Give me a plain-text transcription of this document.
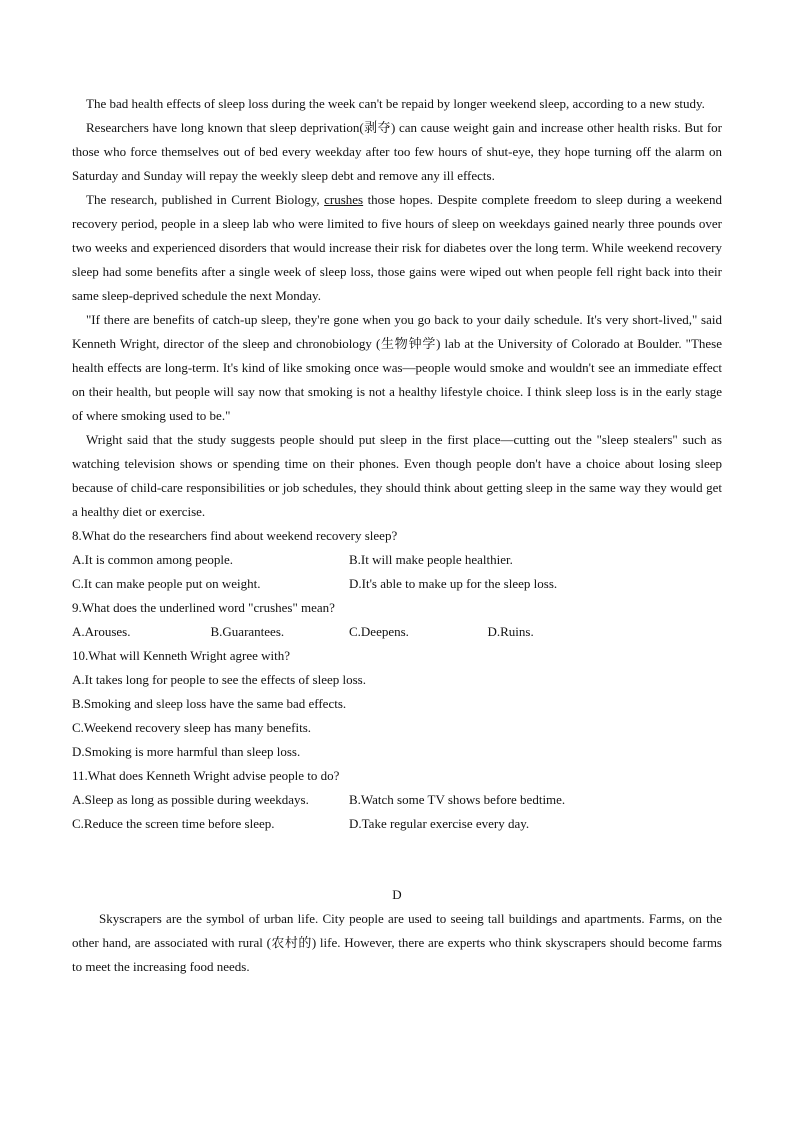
The bad health effects of sleep loss during the week can't be repaid by longer weekend sleep, according to a new study.

Researchers have long known that sleep deprivation(剥夺) can cause weight gain and increase other health risks. But for those who force themselves out of bed every weekday after too few hours of shut-eye, they hope turning off the alarm on Saturday and Sunday will repay the weekly sleep debt and remove any ill effects.

The research, published in Current Biology, crushes those hopes. Despite complete freedom to sleep during a weekend recovery period, people in a sleep lab who were limited to five hours of sleep on weekdays gained nearly three pounds over two weeks and experienced disorders that would increase their risk for diabetes over the long term. While weekend recovery sleep had some benefits after a single week of sleep loss, those gains were wiped out when people fell right back into their same sleep-deprived schedule the next Monday.

"If there are benefits of catch-up sleep, they're gone when you go back to your daily schedule. It's very short-lived," said Kenneth Wright, director of the sleep and chronobiology (生物钟学) lab at the University of Colorado at Boulder. "These health effects are long-term. It's kind of like smoking once was—people would smoke and wouldn't see an immediate effect on their health, but people will say now that smoking is not a healthy lifestyle choice. I think sleep loss is in the early stage of where smoking used to be."

Wright said that the study suggests people should put sleep in the first place—cutting out the "sleep stealers" such as watching television shows or spending time on their phones. Even though people don't have a choice about losing sleep because of child-care responsibilities or job schedules, they should think about getting sleep in the same way they would get a healthy diet or exercise.

8.What do the researchers find about weekend recovery sleep?

A.It is common among people.	B.It will make people healthier.
C.It can make people put on weight.	D.It's able to make up for the sleep loss.

9.What does the underlined word "crushes" mean?

A.Arouses.	B.Guarantees.	C.Deepens.	D.Ruins.

10.What will Kenneth Wright agree with?

A.It takes long for people to see the effects of sleep loss.

B.Smoking and sleep loss have the same bad effects.

C.Weekend recovery sleep has many benefits.

D.Smoking is more harmful than sleep loss.

11.What does Kenneth Wright advise people to do?

A.Sleep as long as possible during weekdays.	B.Watch some TV shows before bedtime.
C.Reduce the screen time before sleep.	D.Take regular exercise every day.

D

Skyscrapers are the symbol of urban life. City people are used to seeing tall buildings and apartments. Farms, on the other hand, are associated with rural (农村的) life. However, there are experts who think skyscrapers should become farms to meet the increasing food needs.
